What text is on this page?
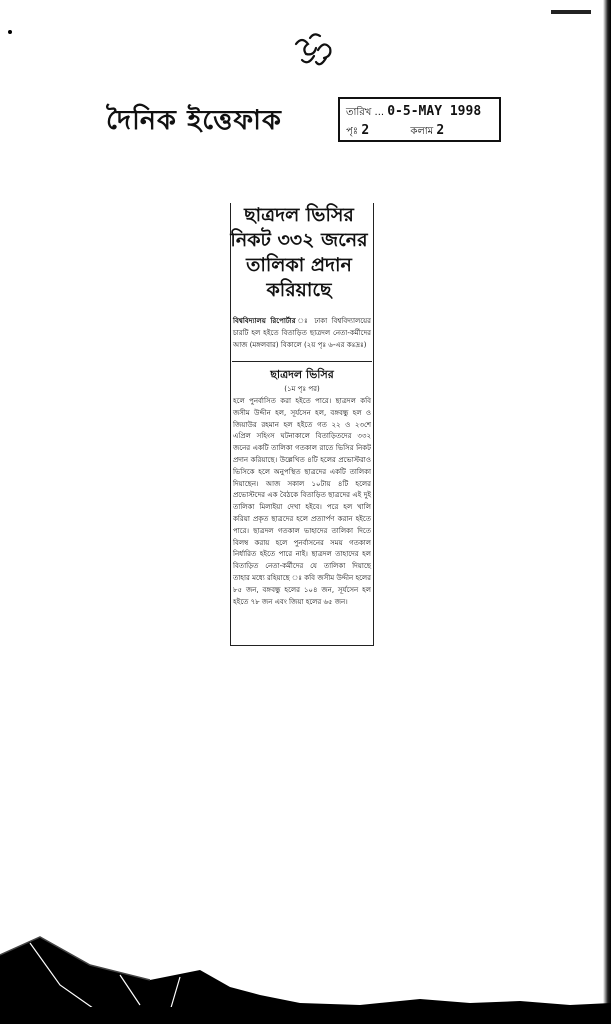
দৈনিক ইত্তেফাক	তারিখ ... 0-5-MAY 1998
পৃঃ 2	কলাম 2
ছাত্রদল ভিসির নিকট ৩৩২ জনের তালিকা প্রদান করিয়াছে
বিশ্ববিদ্যালয় রিপোর্টার ঃ ঢাকা বিশ্ববিদ্যালয়ের চারটি হল হইতে বিতাড়িত ছাত্রদল নেতা-কর্মীদের আজ (মঙ্গলবার) বিকালে (২য় পৃঃ ৬-এর কঃদ্রঃ)
ছাত্রদল ভিসির
(১ম পৃঃ পর)
হলে পুনর্বাসিত করা হইতে পারে। ছাত্রদল কবি জসীম উদ্দীন হল, সূর্যসেন হল, বঙ্গবন্ধু হল ও জিয়াউর রহমান হল হইতে গত ২২ ও ২৩শে এপ্রিল সহিংস ঘটনাকালে বিতাড়িতদের ৩৩২ জনের একটি তালিকা গতকাল রাতে ভিসির নিকট প্রদান করিয়াছে। উল্লেখিত ৪টি হলের প্রভোস্টরাও ভিসিকে হলে অনুপস্থিত ছাত্রদের একটি তালিকা দিয়াছেন। আজ সকাল ১০টায় ৪টি হলের প্রভোস্টদের এক বৈঠকে বিতাড়িত ছাত্রদের এই দুই তালিকা মিলাইয়া দেখা হইবে। পরে হল খালি করিয়া প্রকৃত ছাত্রদের হলে প্রত্যার্পণ করান হইতে পারে। ছাত্রদল গতকাল ভাহাদের তালিকা দিতে বিলম্ব করায় হলে পুনর্বাসনের সময় গতকাল নির্ধারিত হইতে পারে নাই। ছাত্রদল তাহাদের হল বিতাড়িত নেতা-কর্মীদের যে তালিকা দিয়াছে তাহার মধ্যে রহিয়াছে ঃ কবি জসীম উদ্দীন হলের ৮৫ জন, বঙ্গবন্ধু হলের ১০৪ জন, সূর্যসেন হল হইতে ৭৮ জন এবং জিয়া হলের ৬৫ জন।
